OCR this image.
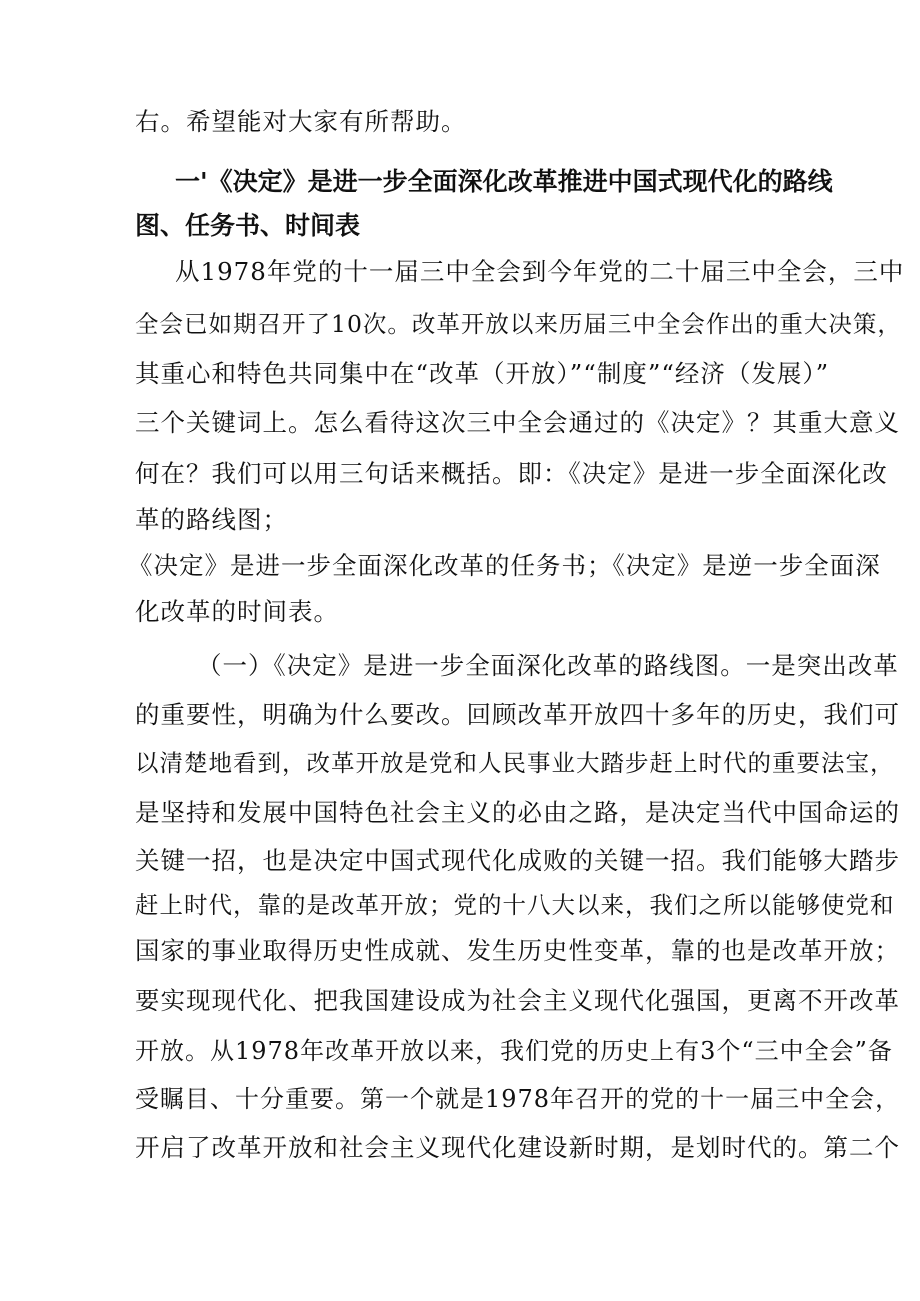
右。希望能对大家有所帮助。
一'《决定》是进一步全面深化改革推进中国式现代化的路线
图、任务书、时间表
从1978年党的十一届三中全会到今年党的二十届三中全会，三中
全会已如期召开了10次。改革开放以来历届三中全会作出的重大决策，
其重心和特色共同集中在“改革（开放）”“制度”“经济（发展）”
三个关键词上。怎么看待这次三中全会通过的《决定》？其重大意义
何在？我们可以用三句话来概括。即：《决定》是进一步全面深化改
革的路线图；
《决定》是进一步全面深化改革的任务书；《决定》是逆一步全面深
化改革的时间表。
（一）《决定》是进一步全面深化改革的路线图。一是突出改革
的重要性，明确为什么要改。回顾改革开放四十多年的历史，我们可
以清楚地看到，改革开放是党和人民事业大踏步赶上时代的重要法宝，
是坚持和发展中国特色社会主义的必由之路，是决定当代中国命运的
关键一招，也是决定中国式现代化成败的关键一招。我们能够大踏步
赶上时代，靠的是改革开放；党的十八大以来，我们之所以能够使党和
国家的事业取得历史性成就、发生历史性变革，靠的也是改革开放；
要实现现代化、把我国建设成为社会主义现代化强国，更离不开改革
开放。从1978年改革开放以来，我们党的历史上有3个“三中全会”备
受瞩目、十分重要。第一个就是1978年召开的党的十一届三中全会，
开启了改革开放和社会主义现代化建设新时期，是划时代的。第二个
